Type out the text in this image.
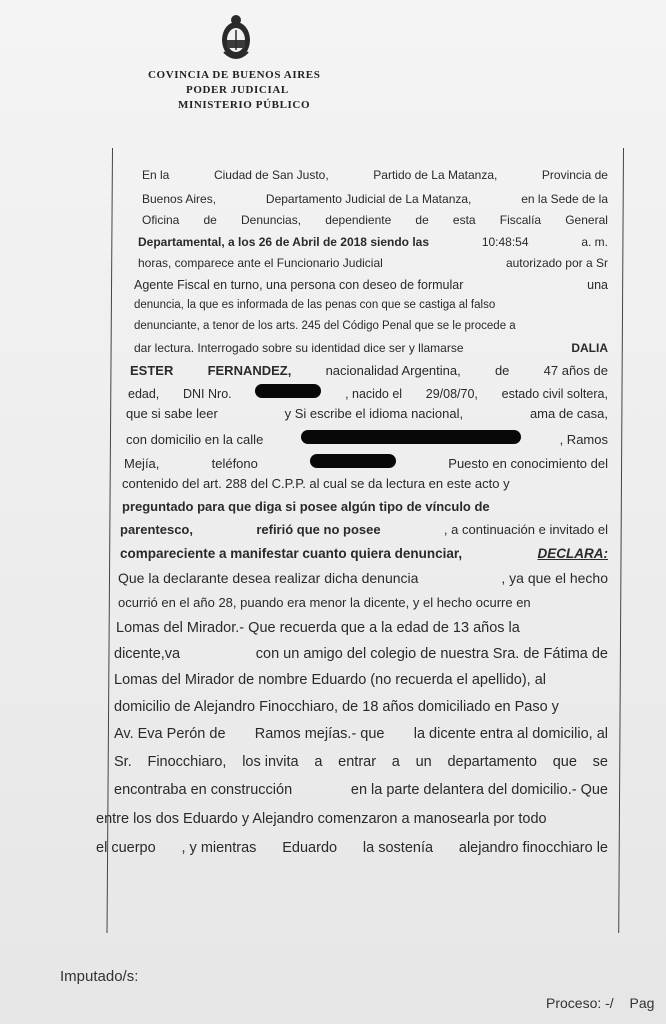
COVINCIA DE BUENOS AIRES
PODER JUDICIAL
MINISTERIO PÚBLICO
En la	Ciudad de San Justo,	Partido de La Matanza,	Provincia de
Buenos Aires,	Departamento Judicial de La Matanza,	en la Sede de la
Oficina de Denuncias, dependiente de esta Fiscalía General
Departamental, a los 26 de Abril de 2018 siendo las	10:48:54	a. m.
horas, comparece ante el Funcionario Judicial	autorizado por a Sr
Agente Fiscal en turno, una persona con deseo de formular	una
denuncia, la que es informada de las penas con que se castiga al falso
denunciante, a tenor de los arts. 245 del Código Penal que se le procede a
dar lectura. Interrogado sobre su identidad dice ser y llamarse	DALIA
ESTER	FERNANDEZ,	nacionalidad Argentina,	de	47 años de
edad, DNI Nro.	, nacido el 29/08/70, estado civil soltera,
que si sabe leer	y Si escribe el idioma nacional,	ama de casa,
con domicilio en la calle	, Ramos
Mejía,	teléfono	Puesto en conocimiento del
contenido del art. 288 del C.P.P. al cual se da lectura en este acto y
preguntado para que diga si posee algún tipo de vínculo de
parentesco,	refirió que no posee	, a continuación e invitado el
compareciente a manifestar cuanto quiera denunciar,	DECLARA:
Que la declarante desea realizar dicha denuncia	, ya que el hecho
ocurrió en el año 28, puando era menor la dicente, y el hecho ocurre en
Lomas del Mirador.- Que recuerda que a la edad de 13 años la
dicente,va	con un amigo del colegio de nuestra Sra. de Fátima de
Lomas del Mirador de nombre Eduardo (no recuerda el apellido), al
domicilio de Alejandro Finocchiaro, de 18 años domiciliado en Paso y
Av. Eva Perón de Ramos mejías.- que la dicente entra al domicilio, al
Sr. Finocchiaro, los invita a entrar a un departamento que se
encontraba en construcción	en la parte delantera del domicilio.- Que
entre los dos Eduardo y Alejandro comenzaron a manosearla por todo
el cuerpo , y mientras Eduardo la sostenía alejandro finocchiaro le
Imputado/s:
Proceso: -/ Pag
